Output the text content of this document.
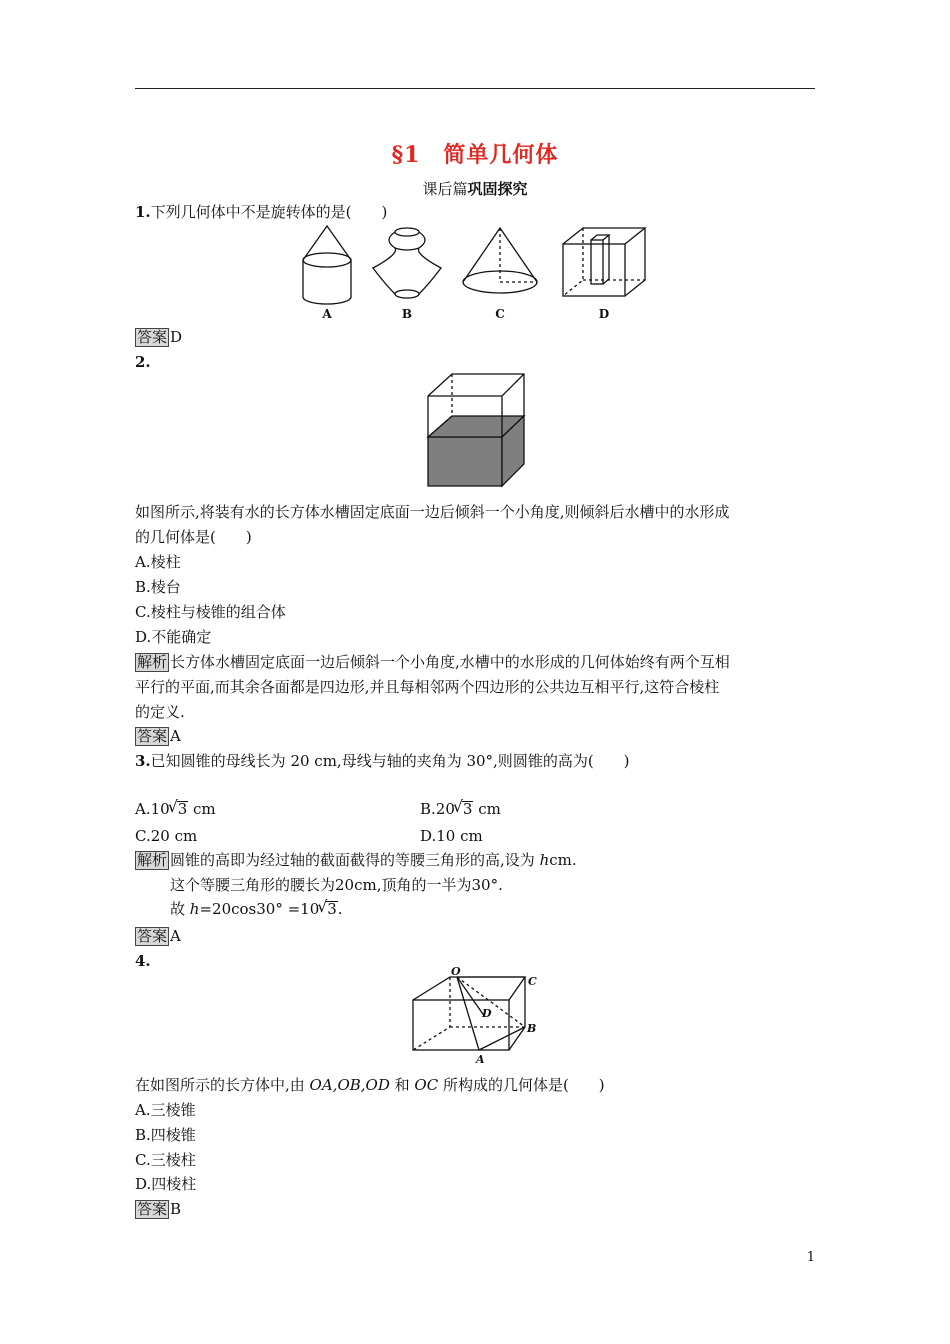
§1　简单几何体
课后篇巩固探究
1.下列几何体中不是旋转体的是(　　)
A	B	C	D
答案 D
2.
如图所示,将装有水的长方体水槽固定底面一边后倾斜一个小角度,则倾斜后水槽中的水形成
的几何体是(　　)
A.棱柱
B.棱台
C.棱柱与棱锥的组合体
D.不能确定
解析 长方体水槽固定底面一边后倾斜一个小角度,水槽中的水形成的几何体始终有两个互相
平行的平面,而其余各面都是四边形,并且每相邻两个四边形的公共边互相平行,这符合棱柱
的定义.
答案 A
3.已知圆锥的母线长为 20 cm,母线与轴的夹角为 30°,则圆锥的高为(　　)
A.10 √ 3 cm	B.20 √ 3 cm
C.20 cm	D.10 cm
解析 圆锥的高即为经过轴的截面截得的等腰三角形的高,设为 hcm.
这个等腰三角形的腰长为20cm,顶角的一半为30°.
故 h=20cos30° =10 √ 3.
答案 A
4.
O
C
D
B
A
在如图所示的长方体中,由 OA,OB,OD 和 OC 所构成的几何体是(　　)
A.三棱锥
B.四棱锥
C.三棱柱
D.四棱柱
答案 B
1
